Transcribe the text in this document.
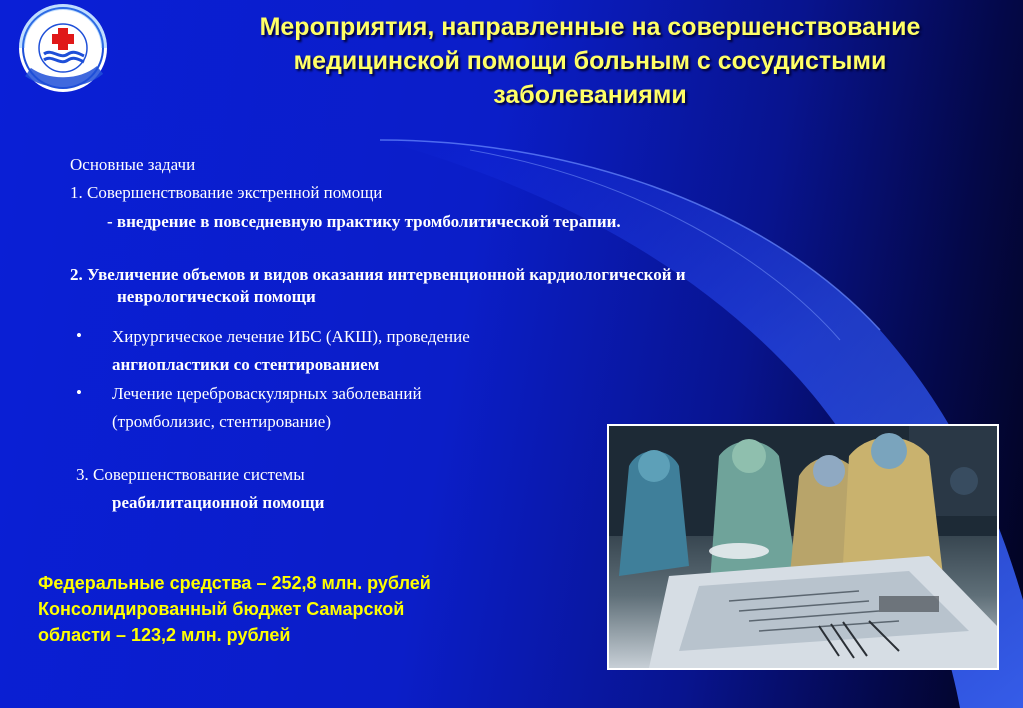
Мероприятия, направленные на совершенствование
медицинской помощи больным с сосудистыми
заболеваниями
Основные задачи
1. Совершенствование экстренной помощи
- внедрение в повседневную практику тромболитической терапии.
2. Увеличение объемов и видов оказания интервенционной кардиологической и
неврологической помощи
• Хирургическое лечение ИБС (АКШ), проведение
ангиопластики со стентированием
• Лечение цереброваскулярных заболеваний
(тромболизис, стентирование)
3. Совершенствование системы
реабилитационной помощи
Федеральные средства – 252,8 млн. рублей
Консолидированный бюджет Самарской
области – 123,2 млн. рублей
